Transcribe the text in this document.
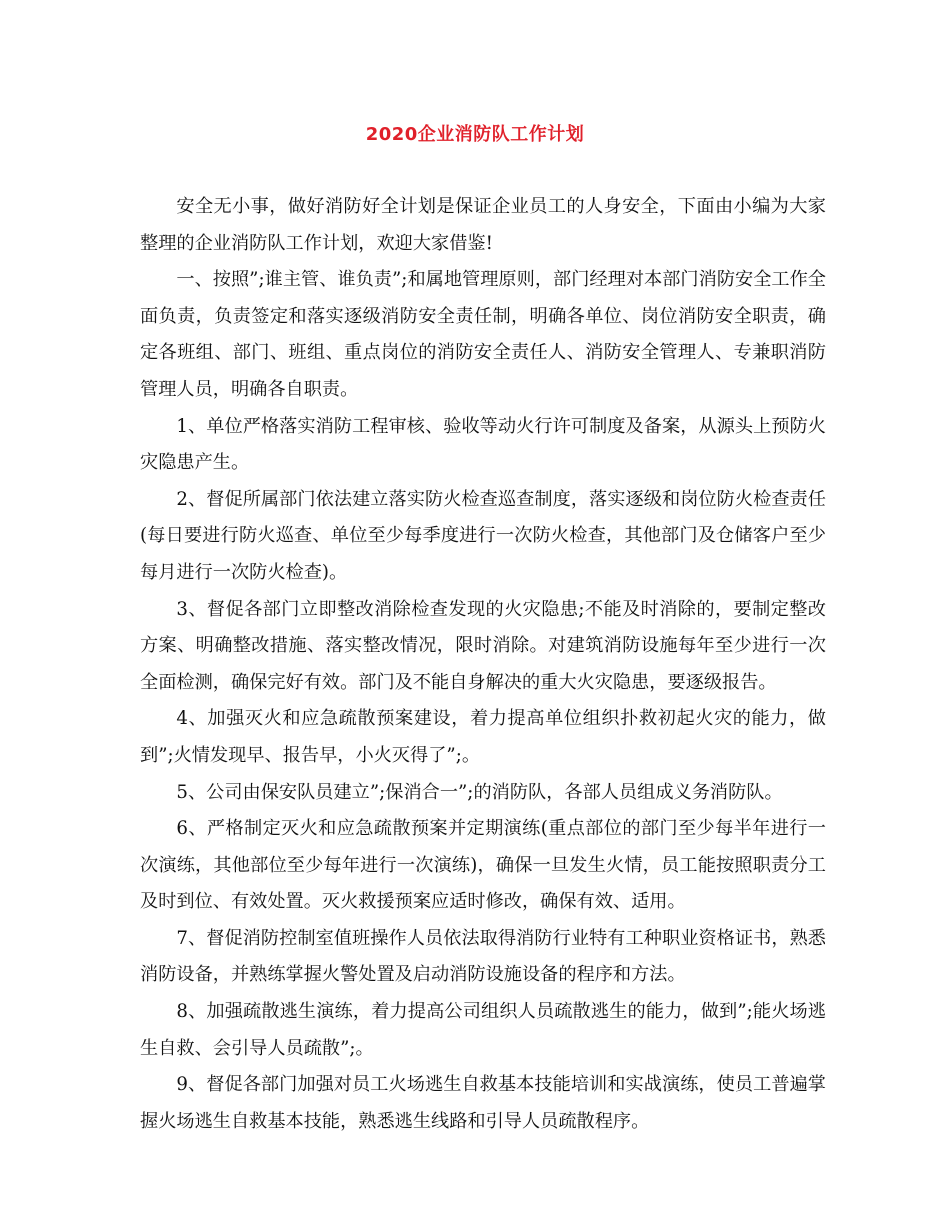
2020企业消防队工作计划

安全无小事，做好消防好全计划是保证企业员工的人身安全，下面由小编为大家整理的企业消防队工作计划，欢迎大家借鉴!

一、按照”;谁主管、谁负责”;和属地管理原则，部门经理对本部门消防安全工作全面负责，负责签定和落实逐级消防安全责任制，明确各单位、岗位消防安全职责，确定各班组、部门、班组、重点岗位的消防安全责任人、消防安全管理人、专兼职消防管理人员，明确各自职责。

1、单位严格落实消防工程审核、验收等动火行许可制度及备案，从源头上预防火灾隐患产生。

2、督促所属部门依法建立落实防火检查巡查制度，落实逐级和岗位防火检查责任(每日要进行防火巡查、单位至少每季度进行一次防火检查，其他部门及仓储客户至少每月进行一次防火检查)。

3、督促各部门立即整改消除检查发现的火灾隐患;不能及时消除的，要制定整改方案、明确整改措施、落实整改情况，限时消除。对建筑消防设施每年至少进行一次全面检测，确保完好有效。部门及不能自身解决的重大火灾隐患，要逐级报告。

4、加强灭火和应急疏散预案建设，着力提高单位组织扑救初起火灾的能力，做到”;火情发现早、报告早，小火灭得了”;。

5、公司由保安队员建立”;保消合一”;的消防队，各部人员组成义务消防队。

6、严格制定灭火和应急疏散预案并定期演练(重点部位的部门至少每半年进行一次演练，其他部位至少每年进行一次演练)，确保一旦发生火情，员工能按照职责分工及时到位、有效处置。灭火救援预案应适时修改，确保有效、适用。

7、督促消防控制室值班操作人员依法取得消防行业特有工种职业资格证书，熟悉消防设备，并熟练掌握火警处置及启动消防设施设备的程序和方法。

8、加强疏散逃生演练，着力提高公司组织人员疏散逃生的能力，做到”;能火场逃生自救、会引导人员疏散”;。

9、督促各部门加强对员工火场逃生自救基本技能培训和实战演练，使员工普遍掌握火场逃生自救基本技能，熟悉逃生线路和引导人员疏散程序。
